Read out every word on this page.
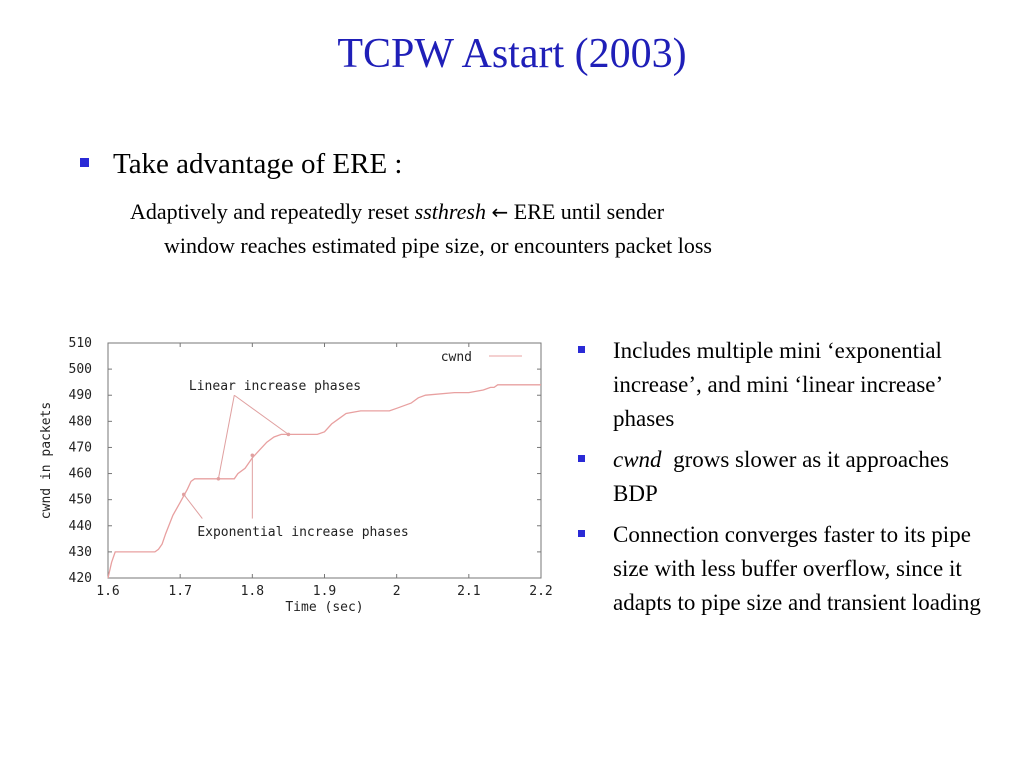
TCPW Astart (2003)
Take advantage of ERE :
Adaptively and repeatedly reset ssthresh ← ERE until sender
window reaches estimated pipe size, or encounters packet loss
1.6	1.7	1.8	1.9	2	2.1	2.2
420
430
440
450
460
470
480
490
500
510
Time (sec)
cwnd in packets
cwnd
Linear increase phases
Exponential increase phases
Includes multiple mini ‘exponential increase’, and mini ‘linear increase’ phases
cwnd  grows slower as it approaches BDP
Connection converges faster to its pipe size with less buffer overflow, since it adapts to pipe size and transient loading
